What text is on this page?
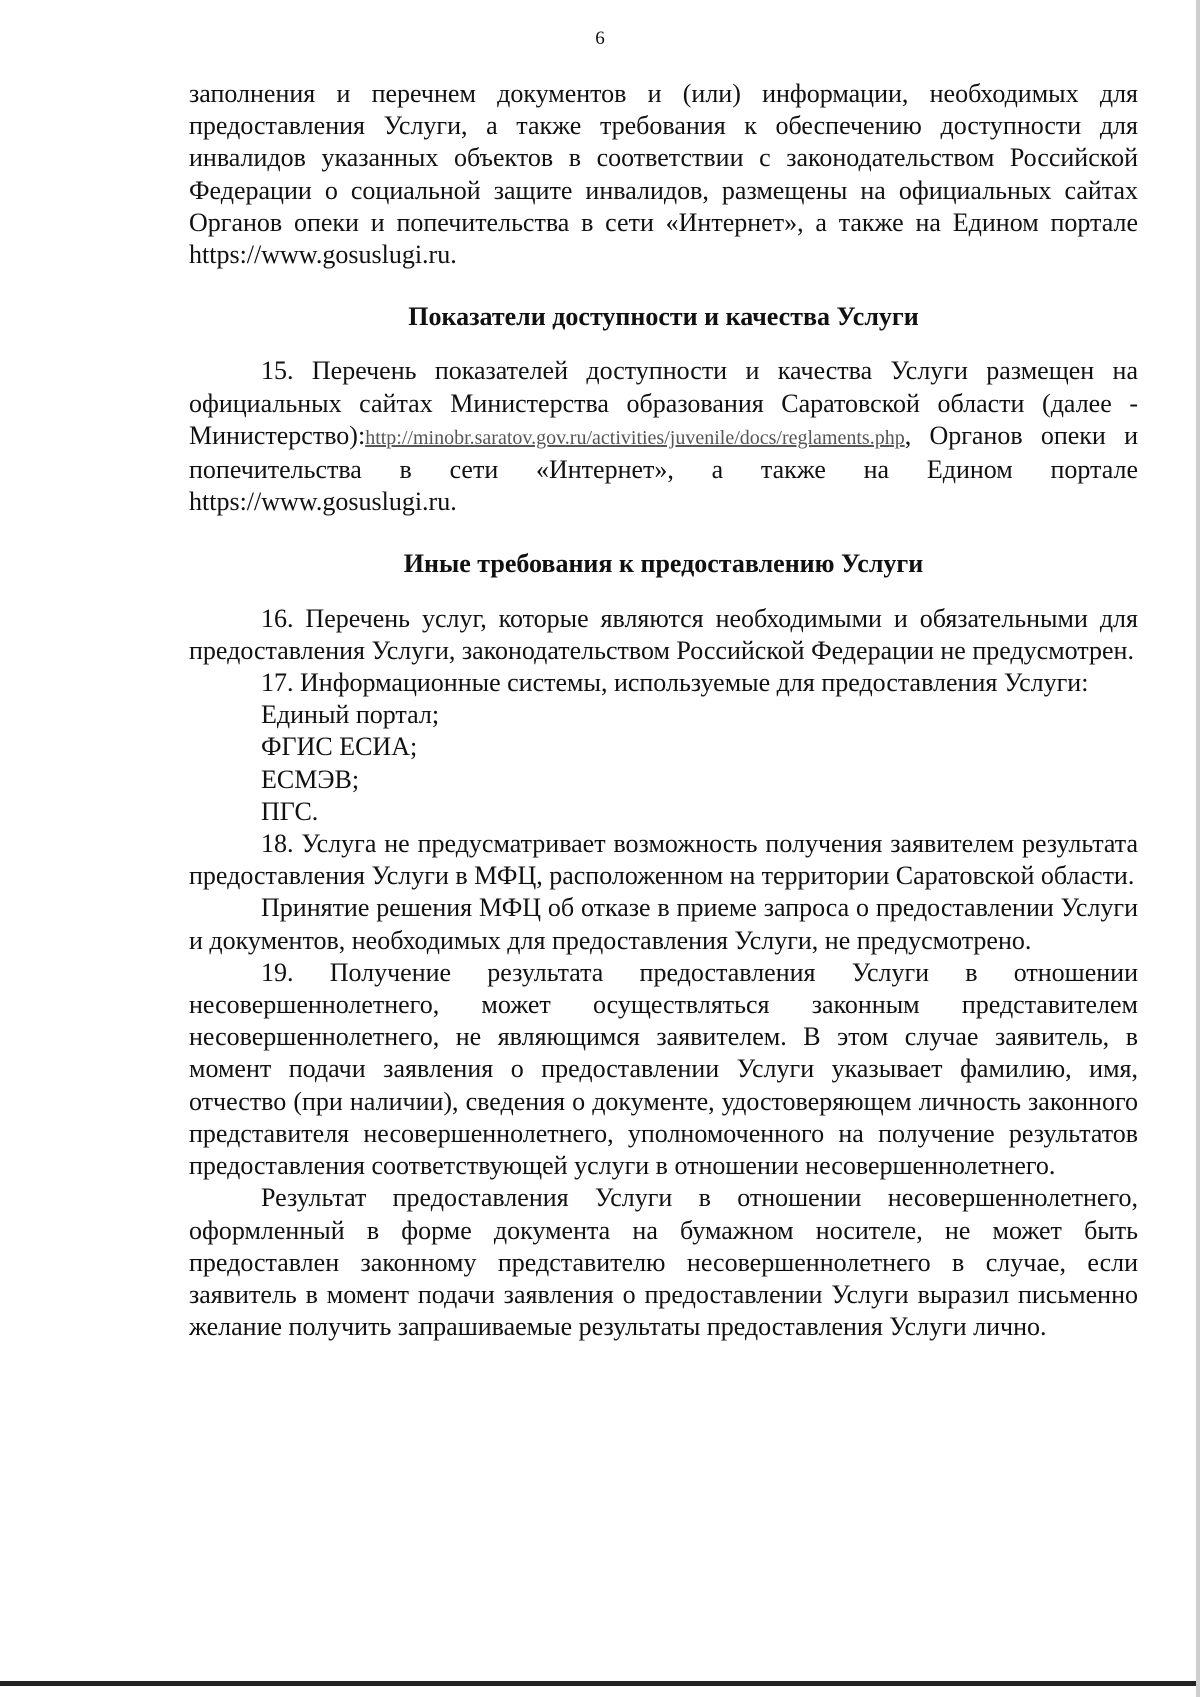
6

заполнения и перечнем документов и (или) информации, необходимых для предоставления Услуги, а также требования к обеспечению доступности для инвалидов указанных объектов в соответствии с законодательством Российской Федерации о социальной защите инвалидов, размещены на официальных сайтах Органов опеки и попечительства в сети «Интернет», а также на Едином портале https://www.gosuslugi.ru.

Показатели доступности и качества Услуги

15. Перечень показателей доступности и качества Услуги размещен на официальных сайтах Министерства образования Саратовской области (далее - Министерство):http://minobr.saratov.gov.ru/activities/juvenile/docs/reglaments.php, Органов опеки и попечительства в сети «Интернет», а также на Едином портале https://www.gosuslugi.ru.

Иные требования к предоставлению Услуги

16. Перечень услуг, которые являются необходимыми и обязательными для предоставления Услуги, законодательством Российской Федерации не предусмотрен.

17. Информационные системы, используемые для предоставления Услуги:

Единый портал;

ФГИС ЕСИА;

ЕСМЭВ;

ПГС.

18. Услуга не предусматривает возможность получения заявителем результата предоставления Услуги в МФЦ, расположенном на территории Саратовской области.

Принятие решения МФЦ об отказе в приеме запроса о предоставлении Услуги и документов, необходимых для предоставления Услуги, не предусмотрено.

19. Получение результата предоставления Услуги в отношении несовершеннолетнего, может осуществляться законным представителем несовершеннолетнего, не являющимся заявителем. В этом случае заявитель, в момент подачи заявления о предоставлении Услуги указывает фамилию, имя, отчество (при наличии), сведения о документе, удостоверяющем личность законного представителя несовершеннолетнего, уполномоченного на получение результатов предоставления соответствующей услуги в отношении несовершеннолетнего.

Результат предоставления Услуги в отношении несовершеннолетнего, оформленный в форме документа на бумажном носителе, не может быть предоставлен законному представителю несовершеннолетнего в случае, если заявитель в момент подачи заявления о предоставлении Услуги выразил письменно желание получить запрашиваемые результаты предоставления Услуги лично.
